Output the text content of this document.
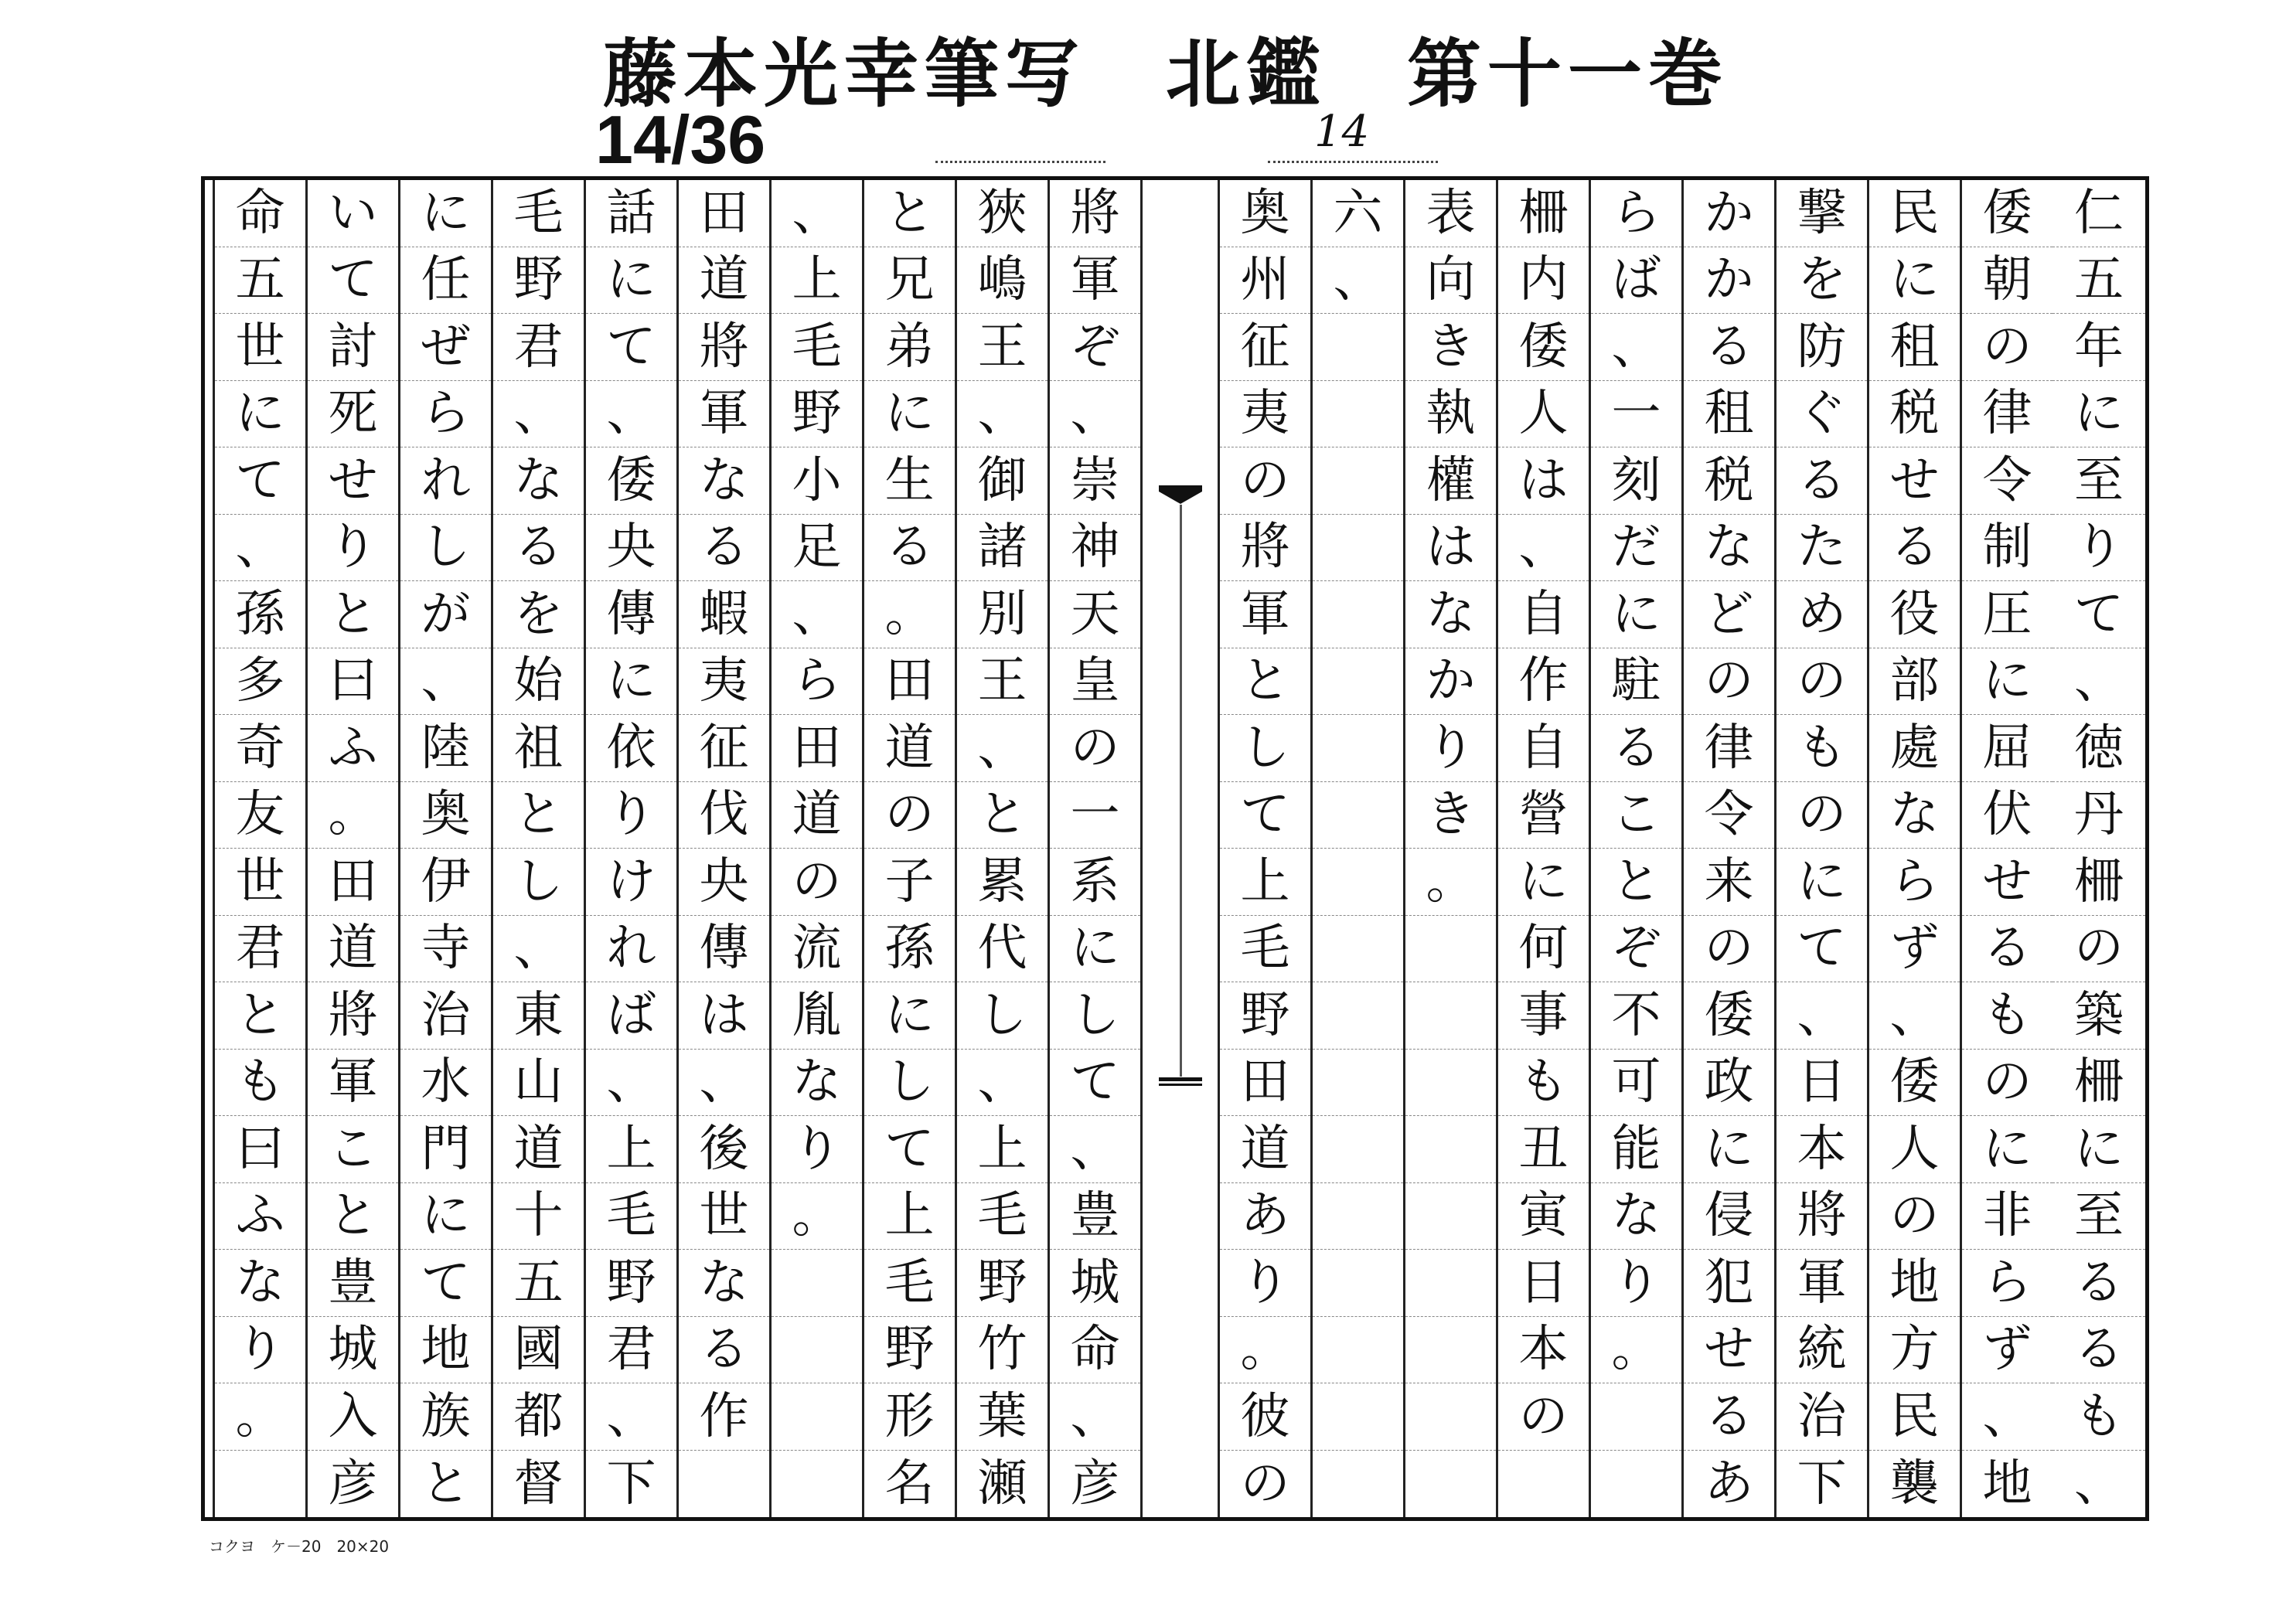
藤本光幸筆写　北鑑　第十一巻
14/36	14
仁
五
年
に
至
り
て
、
徳
丹
柵
の
築
柵
に
至
る
る
も
、
倭
朝
の
律
令
制
圧
に
屈
伏
せ
る
も
の
に
非
ら
ず
、
地
民
に
租
税
せ
る
役
部
處
な
ら
ず
、
倭
人
の
地
方
民
襲
撃
を
防
ぐ
る
た
め
の
も
の
に
て
、
日
本
將
軍
統
治
下
か
か
る
租
税
な
ど
の
律
令
来
の
倭
政
に
侵
犯
せ
る
あ
ら
ば
、
一
刻
だ
に
駐
る
こ
と
ぞ
不
可
能
な
り
。
柵
内
倭
人
は
、
自
作
自
營
に
何
事
も
丑
寅
日
本
の
表
向
き
執
權
は
な
か
り
き
。
六
、
奥
州
征
夷
の
將
軍
と
し
て
上
毛
野
田
道
あ
り
。
彼
の
將
軍
ぞ
、
崇
神
天
皇
の
一
系
に
し
て
、
豊
城
命
、
彦
狹
嶋
王
、
御
諸
別
王
、
と
累
代
し
、
上
毛
野
竹
葉
瀬
と
兄
弟
に
生
る
。
田
道
の
子
孫
に
し
て
上
毛
野
形
名
、
上
毛
野
小
足
、
ら
田
道
の
流
胤
な
り
。
田
道
將
軍
な
る
蝦
夷
征
伐
央
傳
は
、
後
世
な
る
作
話
に
て
、
倭
央
傳
に
依
り
け
れ
ば
、
上
毛
野
君
、
下
毛
野
君
、
な
る
を
始
祖
と
し
、
東
山
道
十
五
國
都
督
に
任
ぜ
ら
れ
し
が
、
陸
奥
伊
寺
治
水
門
に
て
地
族
と
い
て
討
死
せ
り
と
曰
ふ
。
田
道
將
軍
こ
と
豊
城
入
彦
命
五
世
に
て
、
孫
多
奇
友
世
君
と
も
曰
ふ
な
り
。
コクヨ　ケ－20　20×20
